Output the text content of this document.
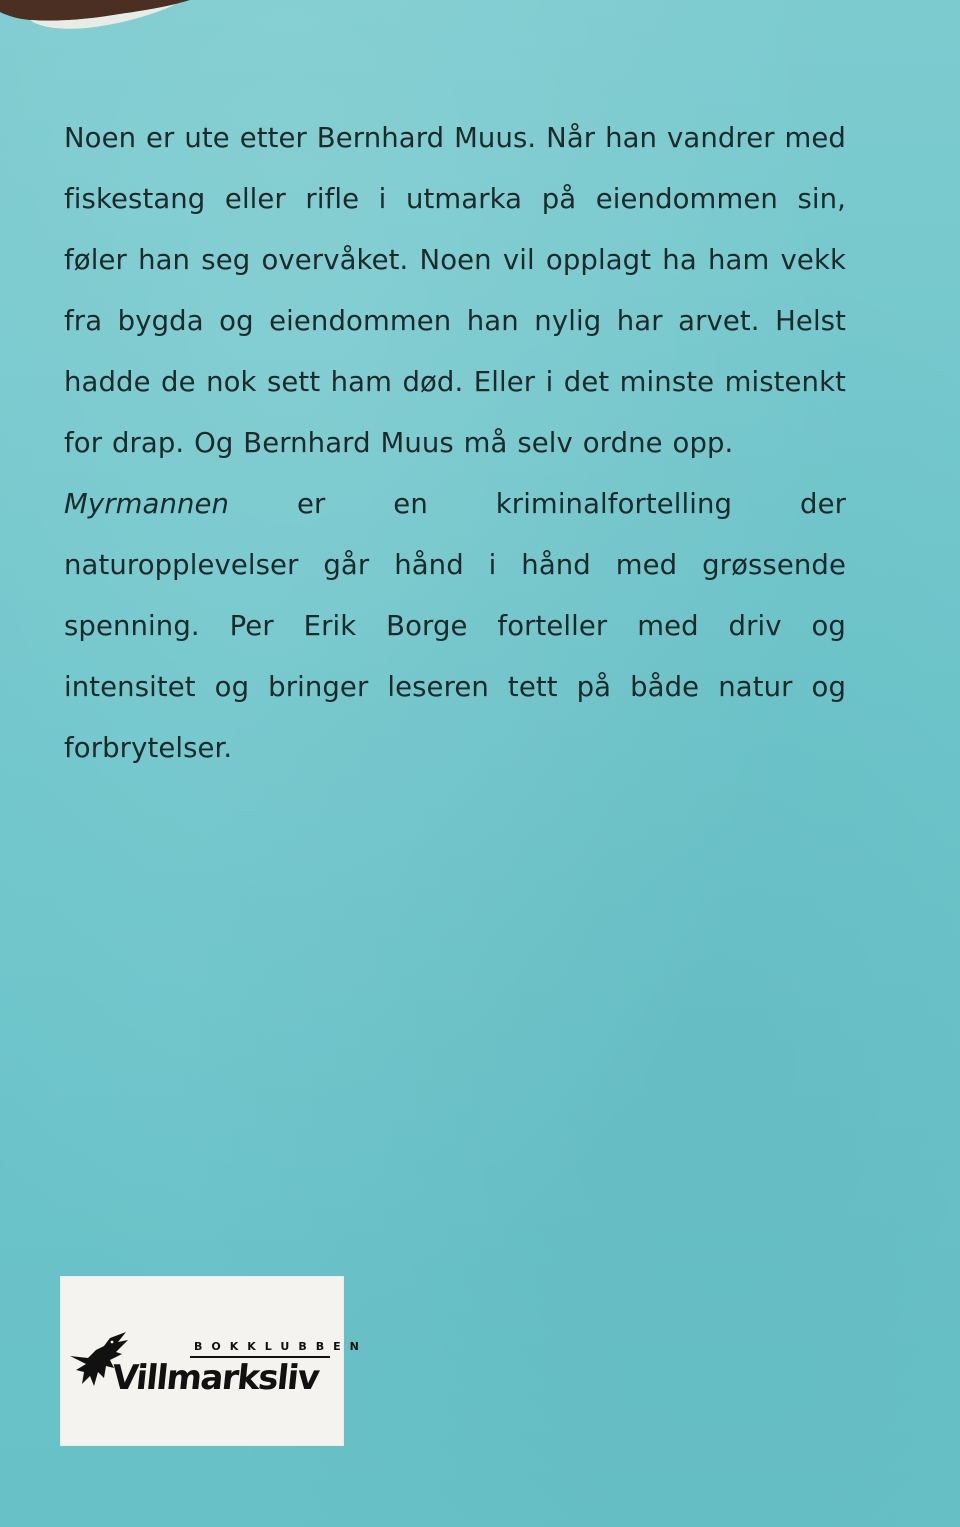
Noen er ute etter Bernhard Muus. Når han vandrer med fiskestang eller rifle i utmarka på eiendommen sin, føler han seg overvåket. Noen vil opplagt ha ham vekk fra bygda og eiendommen han nylig har arvet. Helst hadde de nok sett ham død. Eller i det minste mistenkt for drap. Og Bernhard Muus må selv ordne opp.

Myrmannen er en kriminalfortelling der naturopplevelser går hånd i hånd med grøssende spenning. Per Erik Borge forteller med driv og intensitet og bringer leseren tett på både natur og forbrytelser.

BOKKLUBBEN
Villmarksliv
